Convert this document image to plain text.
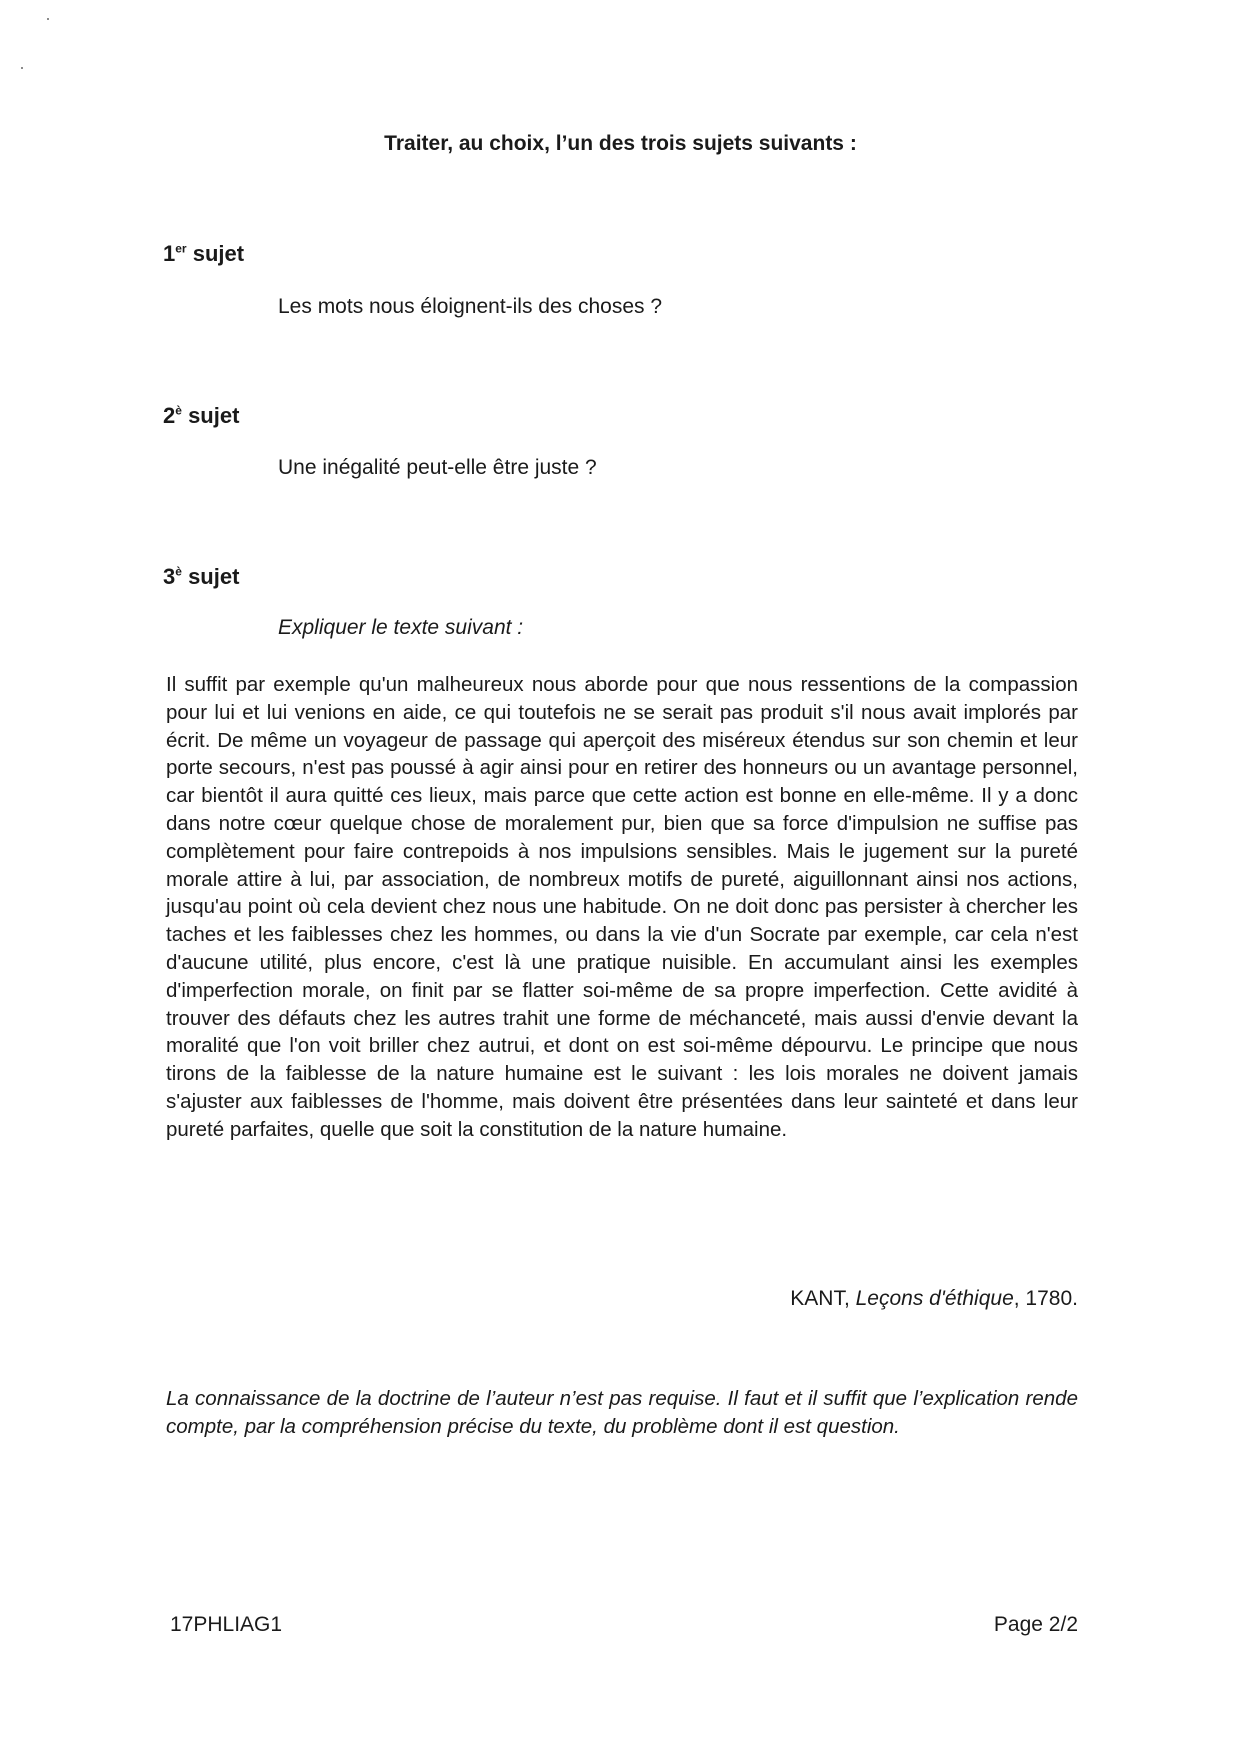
Traiter, au choix, l’un des trois sujets suivants :
1er sujet
Les mots nous éloignent-ils des choses ?
$2^è$ sujet
Une inégalité peut-elle être juste ?
$3^è$ sujet
Expliquer le texte suivant :
Il suffit par exemple qu'un malheureux nous aborde pour que nous ressentions de la compassion pour lui et lui venions en aide, ce qui toutefois ne se serait pas produit s'il nous avait implorés par écrit. De même un voyageur de passage qui aperçoit des miséreux étendus sur son chemin et leur porte secours, n'est pas poussé à agir ainsi pour en retirer des honneurs ou un avantage personnel, car bientôt il aura quitté ces lieux, mais parce que cette action est bonne en elle-même. Il y a donc dans notre cœur quelque chose de moralement pur, bien que sa force d'impulsion ne suffise pas complètement pour faire contrepoids à nos impulsions sensibles. Mais le jugement sur la pureté morale attire à lui, par association, de nombreux motifs de pureté, aiguillonnant ainsi nos actions, jusqu'au point où cela devient chez nous une habitude. On ne doit donc pas persister à chercher les taches et les faiblesses chez les hommes, ou dans la vie d'un Socrate par exemple, car cela n'est d'aucune utilité, plus encore, c'est là une pratique nuisible. En accumulant ainsi les exemples d'imperfection morale, on finit par se flatter soi-même de sa propre imperfection. Cette avidité à trouver des défauts chez les autres trahit une forme de méchanceté, mais aussi d'envie devant la moralité que l'on voit briller chez autrui, et dont on est soi-même dépourvu. Le principe que nous tirons de la faiblesse de la nature humaine est le suivant : les lois morales ne doivent jamais s'ajuster aux faiblesses de l'homme, mais doivent être présentées dans leur sainteté et dans leur pureté parfaites, quelle que soit la constitution de la nature humaine.
KANT, Leçons d'éthique, 1780.
La connaissance de la doctrine de l’auteur n’est pas requise. Il faut et il suffit que l’explication rende compte, par la compréhension précise du texte, du problème dont il est question.
17PHLIAG1	Page 2/2
